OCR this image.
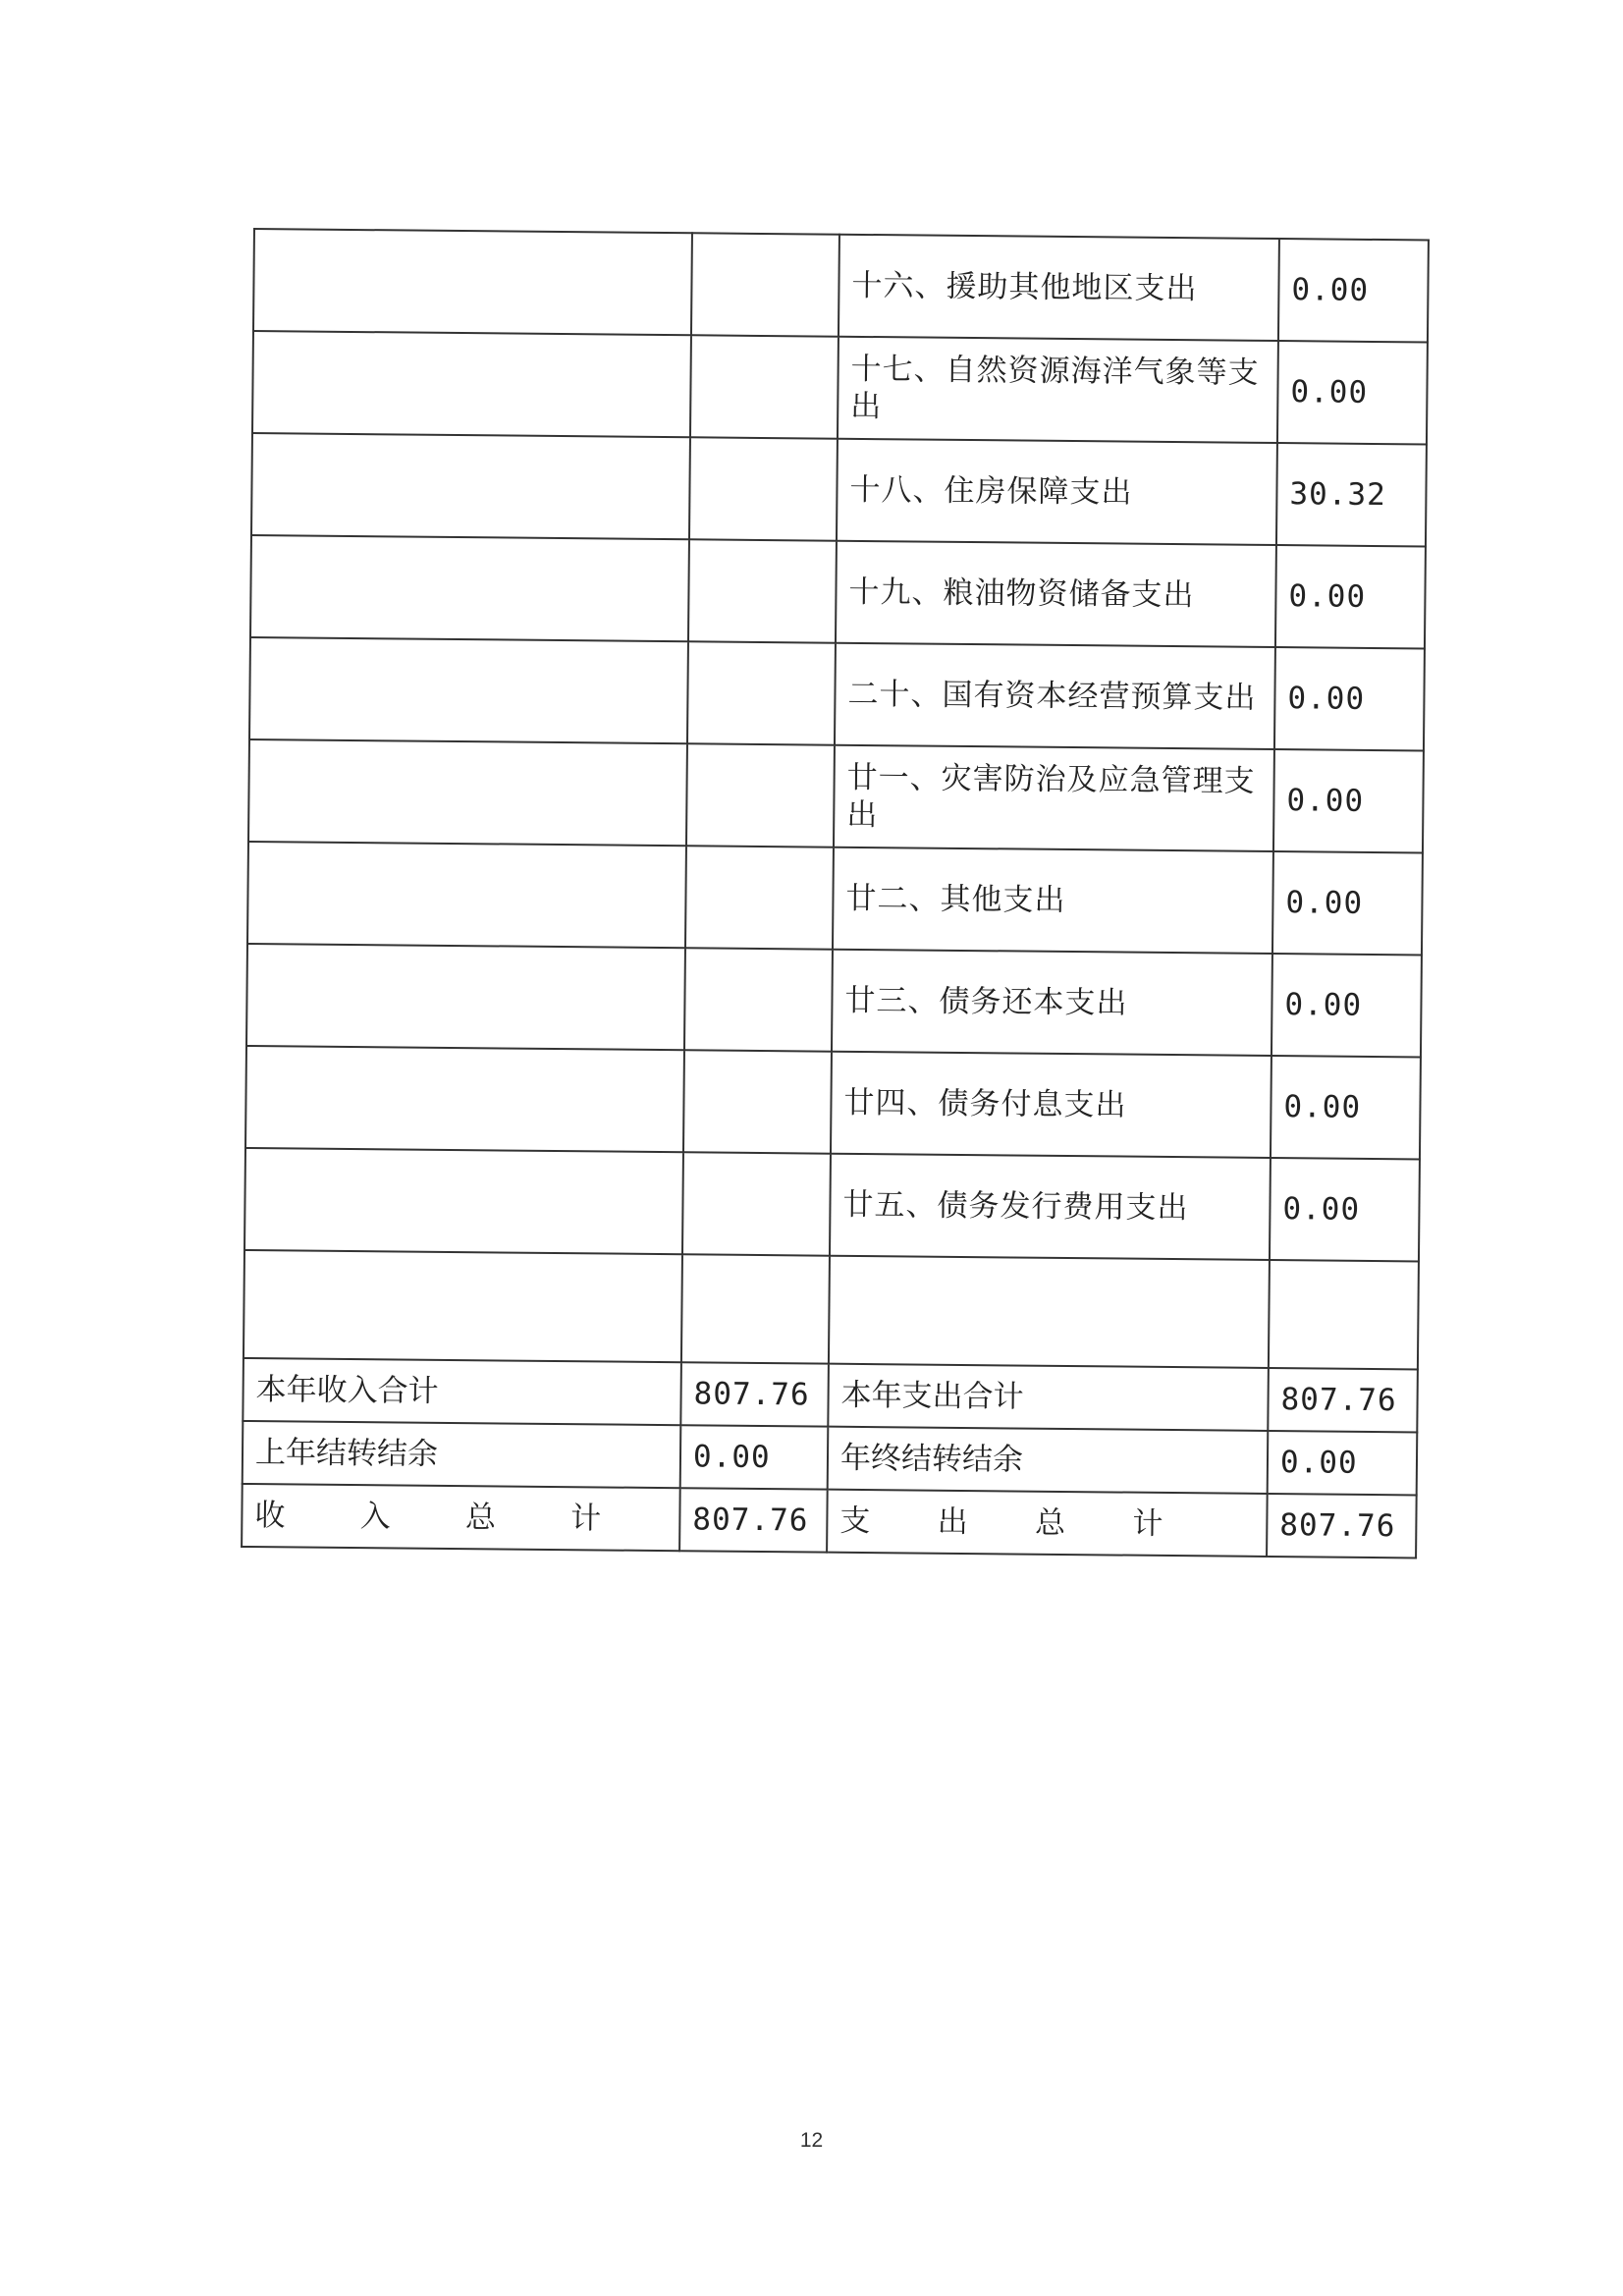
		十六、援助其他地区支出	0.00
		十七、自然资源海洋气象等支出	0.00
		十八、住房保障支出	30.32
		十九、粮油物资储备支出	0.00
		二十、国有资本经营预算支出	0.00
		廿一、灾害防治及应急管理支出	0.00
		廿二、其他支出	0.00
		廿三、债务还本支出	0.00
		廿四、债务付息支出	0.00
		廿五、债务发行费用支出	0.00

本年收入合计	807.76	本年支出合计	807.76
上年结转结余	0.00	年终结转结余	0.00

收 入 总 计	807.76	支 出 总 计	807.76
12
